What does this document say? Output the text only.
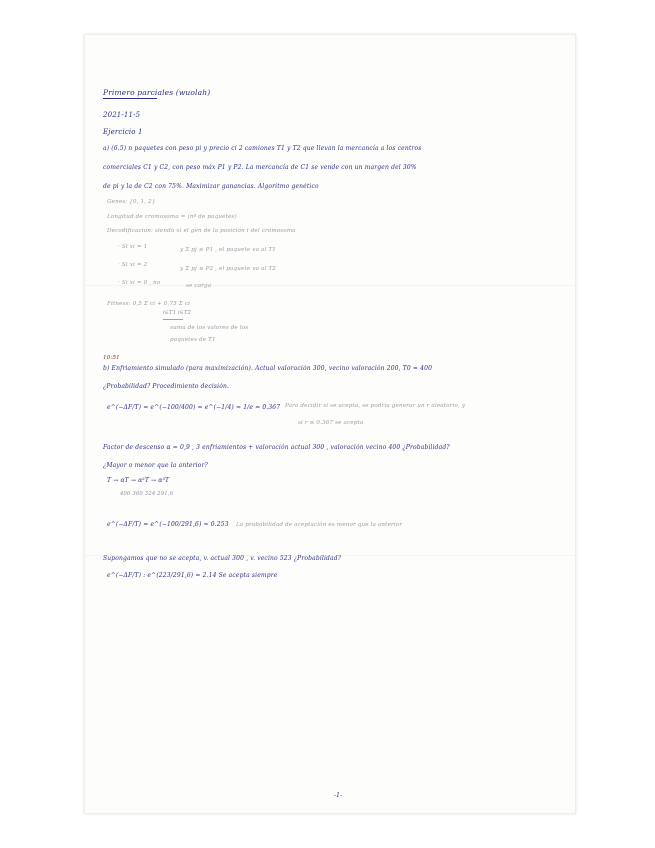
Primero parciales (wuolah)
2021-11-5
Ejercicio 1
a) (6.5) n paquetes con peso pi y precio ci 2 camiones T1 y T2 que llevan la mercancía a los centros
comerciales C1 y C2, con peso máx P1 y P2. La mercancía de C1 se vende con un margen del 30%
de pi y la de C2 con 75%. Maximizar ganancias. Algoritmo genético
Genes: {0, 1, 2}
Longitud de cromosoma = (nº de paquetes)
Decodificación: siendo xi el gen de la posición i del cromosoma
· Si xi = 1	y Σ pj ≤ P1 , el paquete va al T1
· Si xi = 2
y Σ pj ≤ P2 , el paquete va al T2
· Si xi = 0 , no	se carga
Fitness: 0,5 Σ ci + 0,75 Σ ci
i∈T1 i∈T2
suma de los valores de los
paquetes de T1
10:51
b) Enfriamiento simulado (para maximización). Actual valoración 300, vecino valoración 200, T0 = 400
¿Probabilidad? Procedimiento decisión.
e^(−ΔF/T) = e^(−100/400) = e^(−1/4) ≈ 1/e = 0.367 Para decidir si se acepta, se podría generar un r aleatorio, y
si r ≤ 0.367 se acepta
Factor de descenso α = 0,9 , 3 enfriamientos + valoración actual 300 , valoración vecino 400 ¿Probabilidad?
¿Mayor o menor que la anterior?
T → αT → α²T → α³T
400 360 324 291,6
e^(−ΔF/T) = e^(−100/291,6) ≈ 0.253 La probabilidad de aceptación es menor que la anterior
Supongamos que no se acepta, v. actual 300 , v. vecino 523 ¿Probabilidad?
e^(−ΔF/T) : e^(223/291,6) = 2.14 Se acepta siempre
-1-
